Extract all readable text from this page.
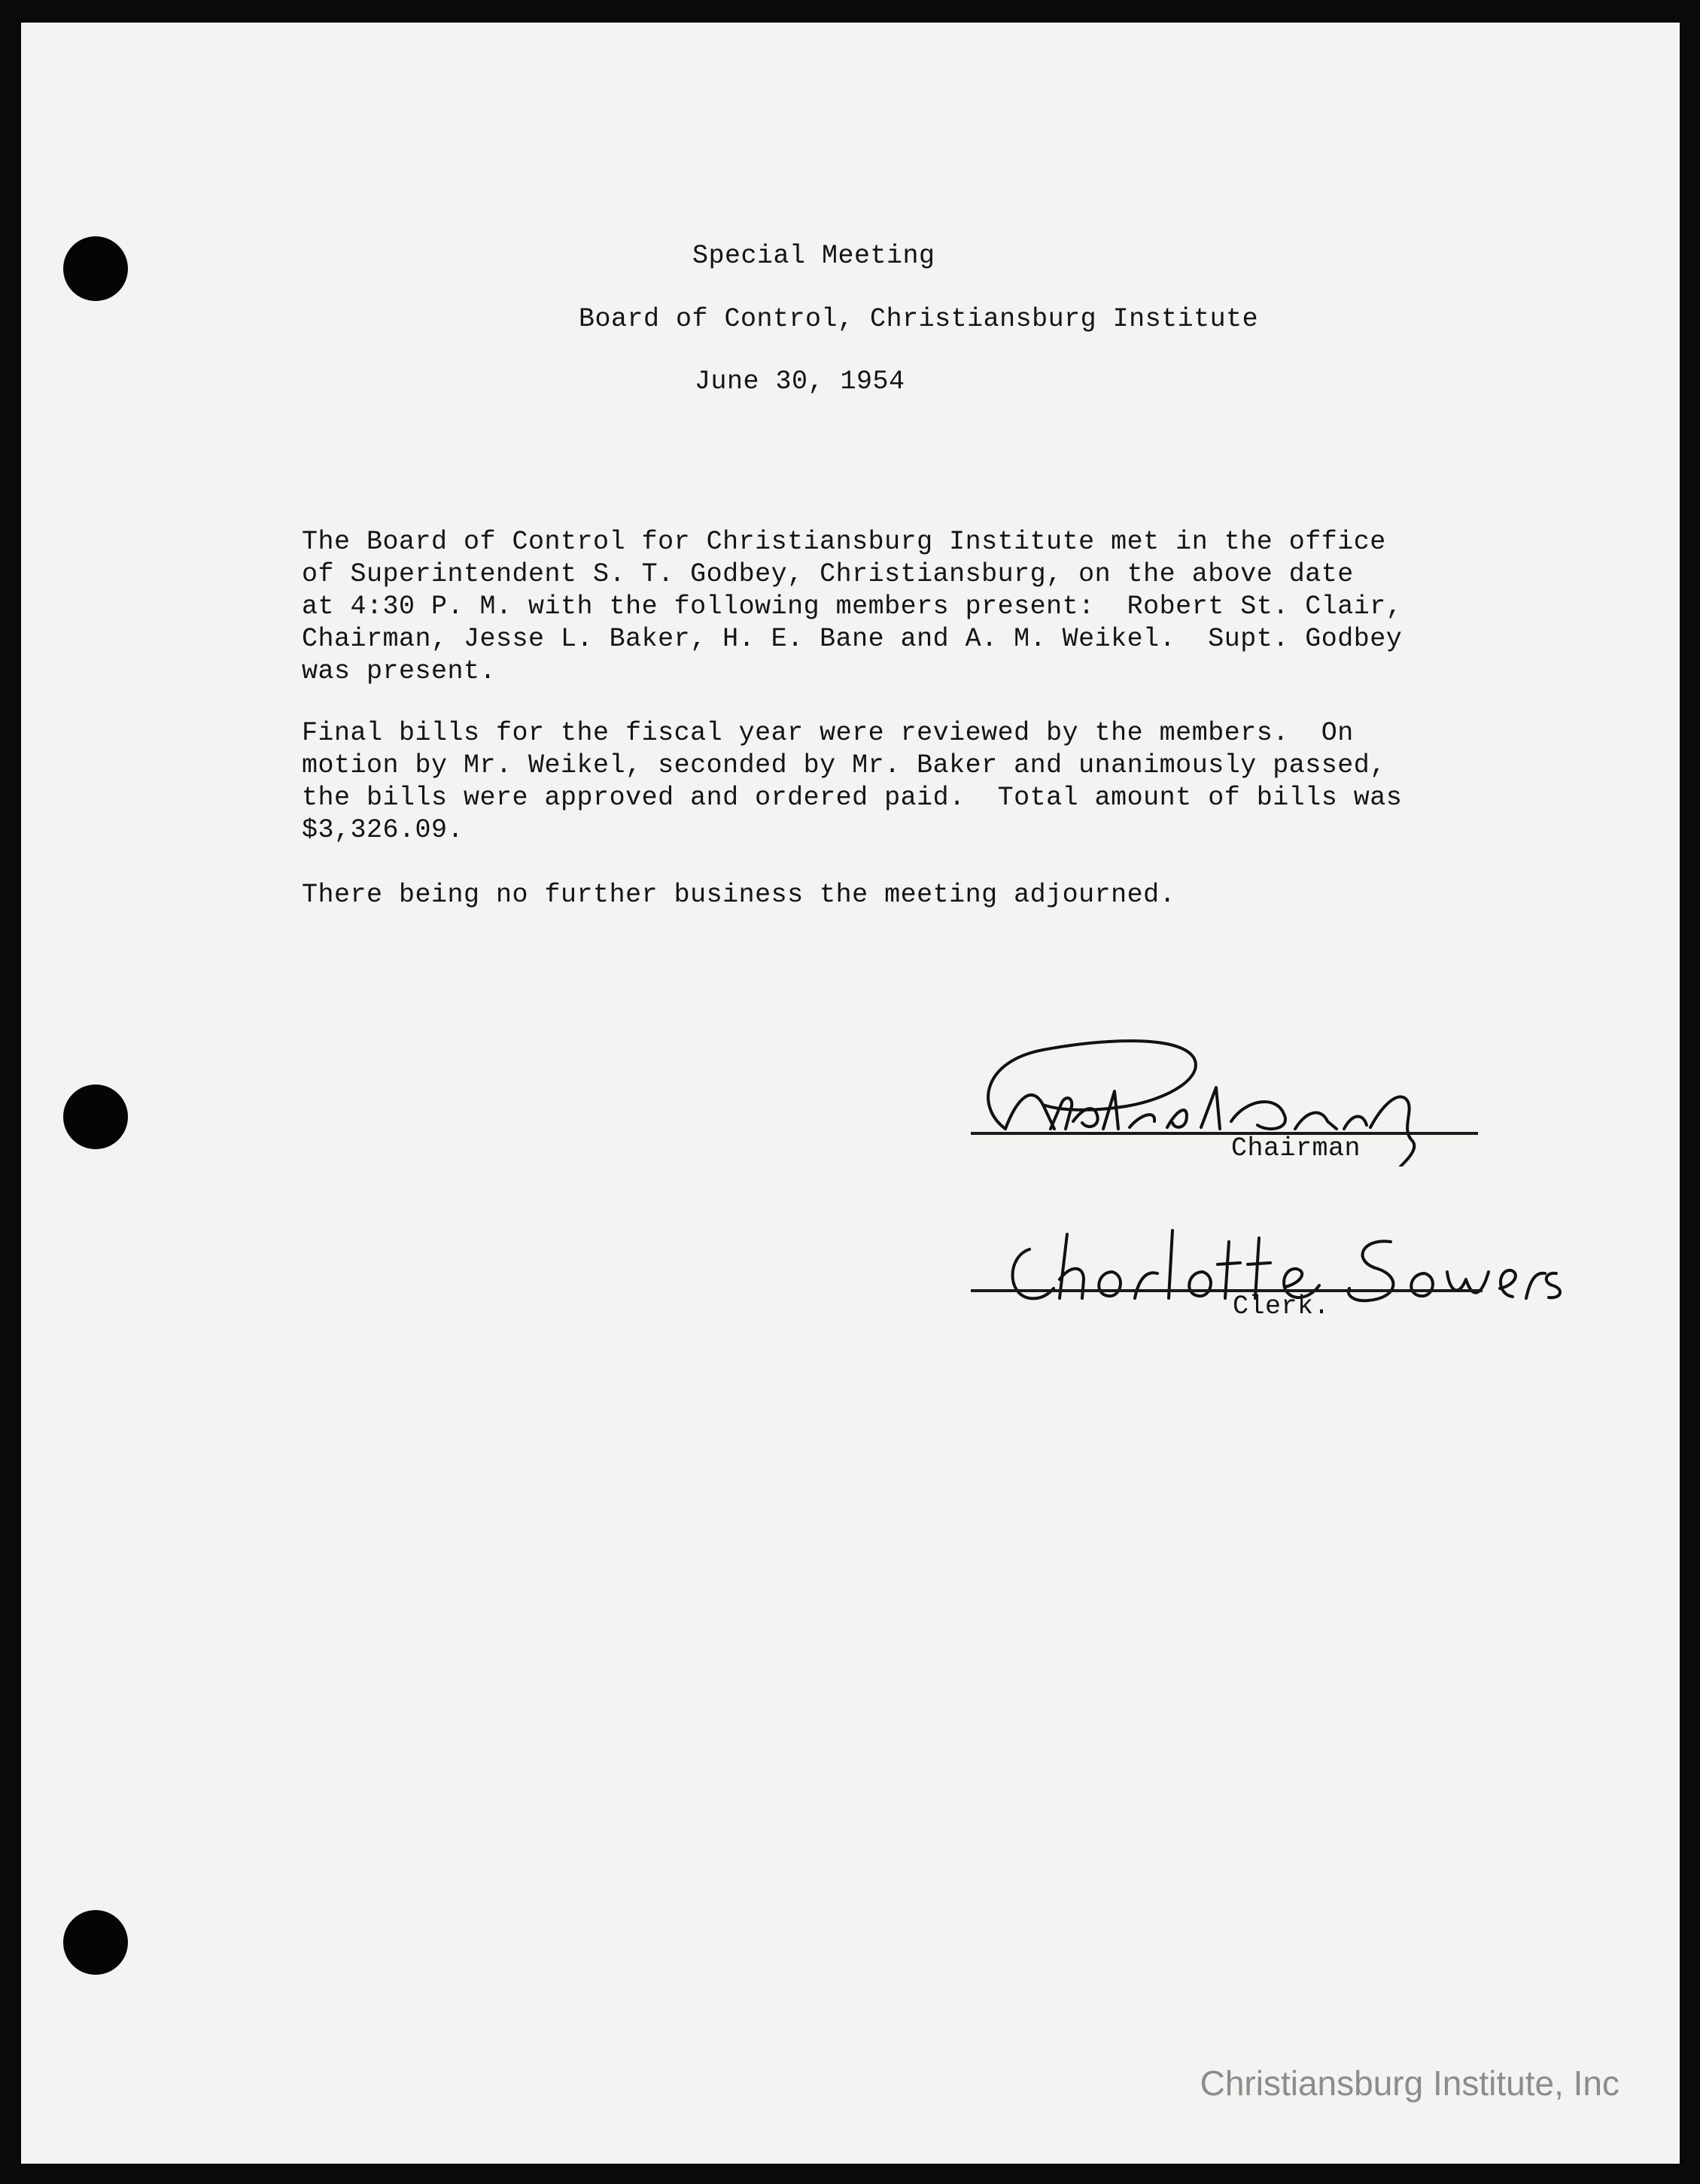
Special Meeting
Board of Control, Christiansburg Institute
June 30, 1954
The Board of Control for Christiansburg Institute met in the office
of Superintendent S. T. Godbey, Christiansburg, on the above date
at 4:30 P. M. with the following members present:  Robert St. Clair,
Chairman, Jesse L. Baker, H. E. Bane and A. M. Weikel.  Supt. Godbey
was present.
Final bills for the fiscal year were reviewed by the members.  On
motion by Mr. Weikel, seconded by Mr. Baker and unanimously passed,
the bills were approved and ordered paid.  Total amount of bills was
$3,326.09.
There being no further business the meeting adjourned.
Chairman
Clerk.
Christiansburg Institute, Inc
